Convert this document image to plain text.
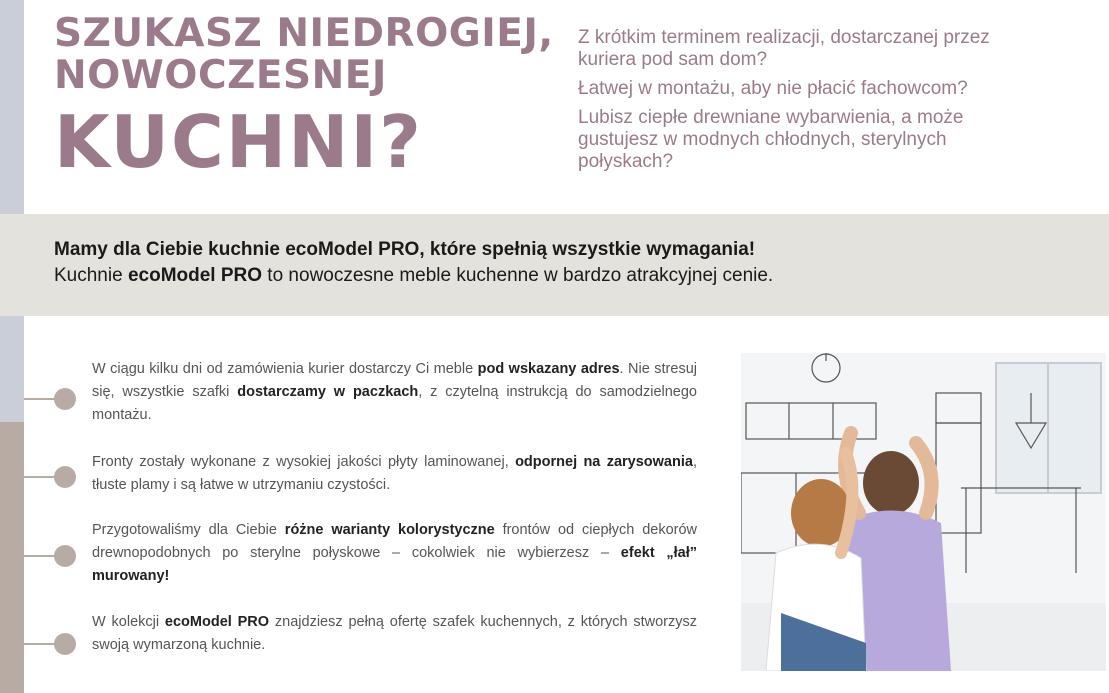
SZUKASZ NIEDROGIEJ,
NOWOCZESNEJ
KUCHNI?
Z krótkim terminem realizacji, dostarczanej przez kuriera pod sam dom?
Łatwej w montażu, aby nie płacić fachowcom?
Lubisz ciepłe drewniane wybarwienia, a może gustujesz w modnych chłodnych, sterylnych połyskach?
Mamy dla Ciebie kuchnie ecoModel PRO, które spełnią wszystkie wymagania!
Kuchnie ecoModel PRO to nowoczesne meble kuchenne w bardzo atrakcyjnej cenie.
W ciągu kilku dni od zamówienia kurier dostarczy Ci meble pod wskazany adres. Nie stresuj się, wszystkie szafki dostarczamy w paczkach, z czytelną instrukcją do samodzielnego montażu.
Fronty zostały wykonane z wysokiej jakości płyty laminowanej, odpornej na zarysowania, tłuste plamy i są łatwe w utrzymaniu czystości.
Przygotowaliśmy dla Ciebie różne warianty kolorystyczne frontów od ciepłych dekorów drewnopodobnych po sterylne połyskowe – cokolwiek nie wybierzesz – efekt „łał” murowany!
W kolekcji ecoModel PRO znajdziesz pełną ofertę szafek kuchennych, z których stworzysz swoją wymarzoną kuchnie.
